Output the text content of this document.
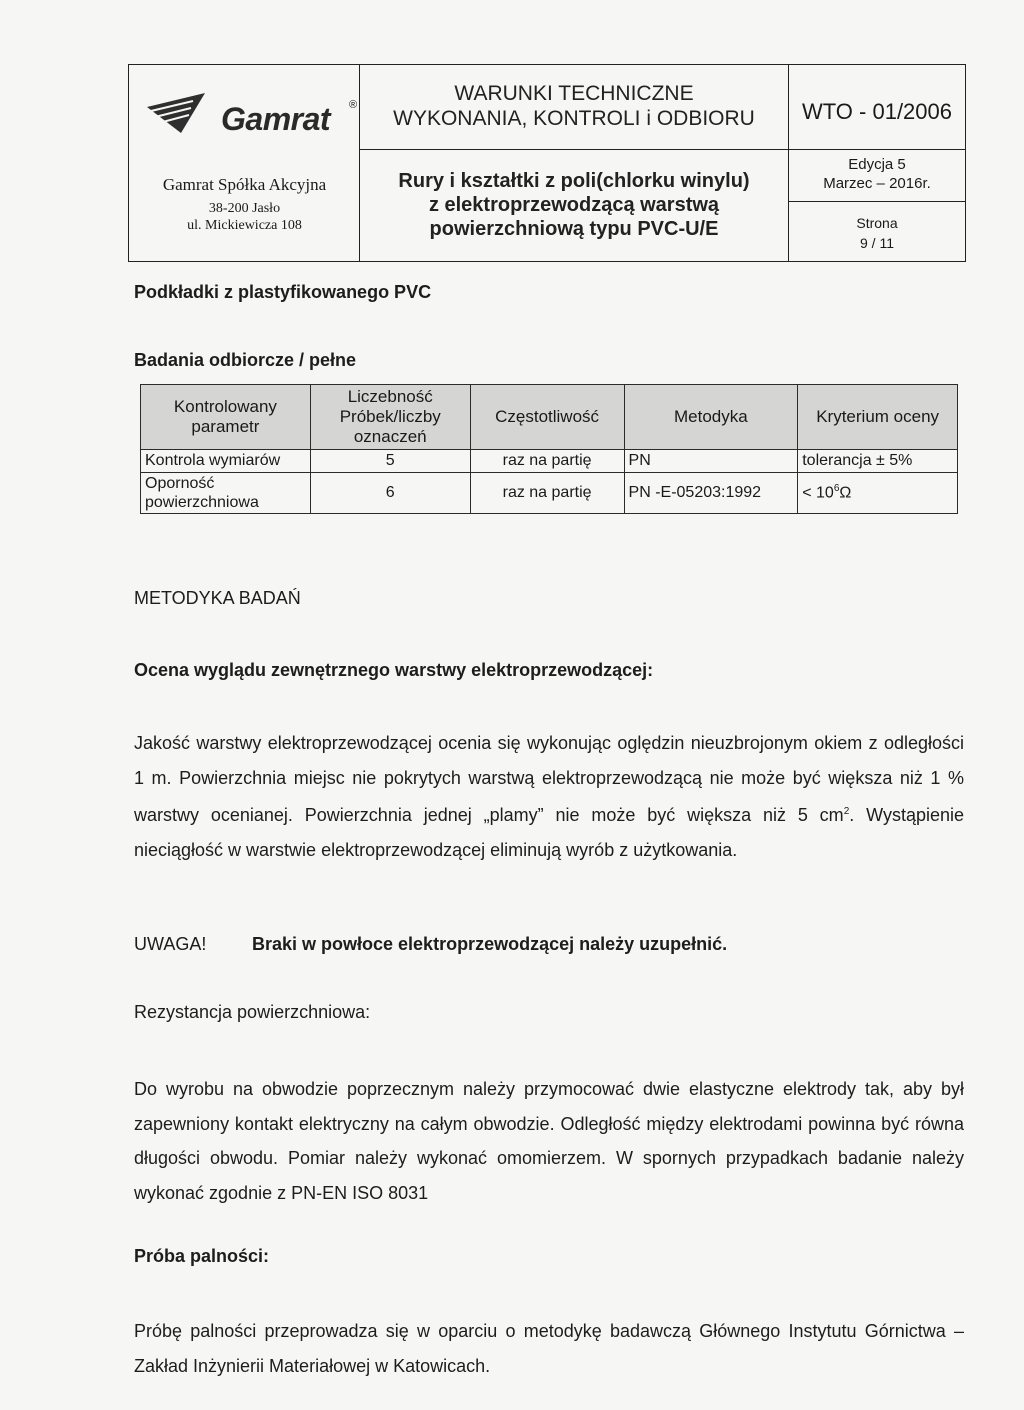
Gamrat ®
Gamrat Spółka Akcyjna
38-200 Jasło
ul. Mickiewicza 108
WARUNKI TECHNICZNE
WYKONANIA, KONTROLI i ODBIORU
Rury i kształtki z poli(chlorku winylu)
z elektroprzewodzącą warstwą
powierzchniową typu PVC-U/E
WTO - 01/2006
Edycja 5
Marzec – 2016r.
Strona
9 / 11
Podkładki z plastyfikowanego PVC
Badania odbiorcze / pełne
Kontrolowany parametr	Liczebność Próbek/liczby oznaczeń	Częstotliwość	Metodyka	Kryterium oceny
Kontrola wymiarów	5	raz na partię	PN	tolerancja ± 5%
Oporność powierzchniowa	6	raz na partię	PN -E-05203:1992	< $10^6\Omega$
METODYKA BADAŃ
Ocena wyglądu zewnętrznego warstwy elektroprzewodzącej:
Jakość warstwy elektroprzewodzącej ocenia się wykonując oględzin nieuzbrojonym okiem z odległości 1 m. Powierzchnia miejsc nie pokrytych warstwą elektroprzewodzącą nie może być większa niż 1 % warstwy ocenianej. Powierzchnia jednej „plamy” nie może być większa niż 5 $cm^2$. Wystąpienie nieciągłość w warstwie elektroprzewodzącej eliminują wyrób z użytkowania.
UWAGA!	Braki w powłoce elektroprzewodzącej należy uzupełnić.
Rezystancja powierzchniowa:
Do wyrobu na obwodzie poprzecznym należy przymocować dwie elastyczne elektrody tak, aby był zapewniony kontakt elektryczny na całym obwodzie. Odległość między elektrodami powinna być równa długości obwodu. Pomiar należy wykonać omomierzem. W spornych przypadkach badanie należy wykonać zgodnie z PN-EN ISO 8031
Próba palności:
Próbę palności przeprowadza się w oparciu o metodykę badawczą Głównego Instytutu Górnictwa – Zakład Inżynierii Materiałowej w Katowicach.
